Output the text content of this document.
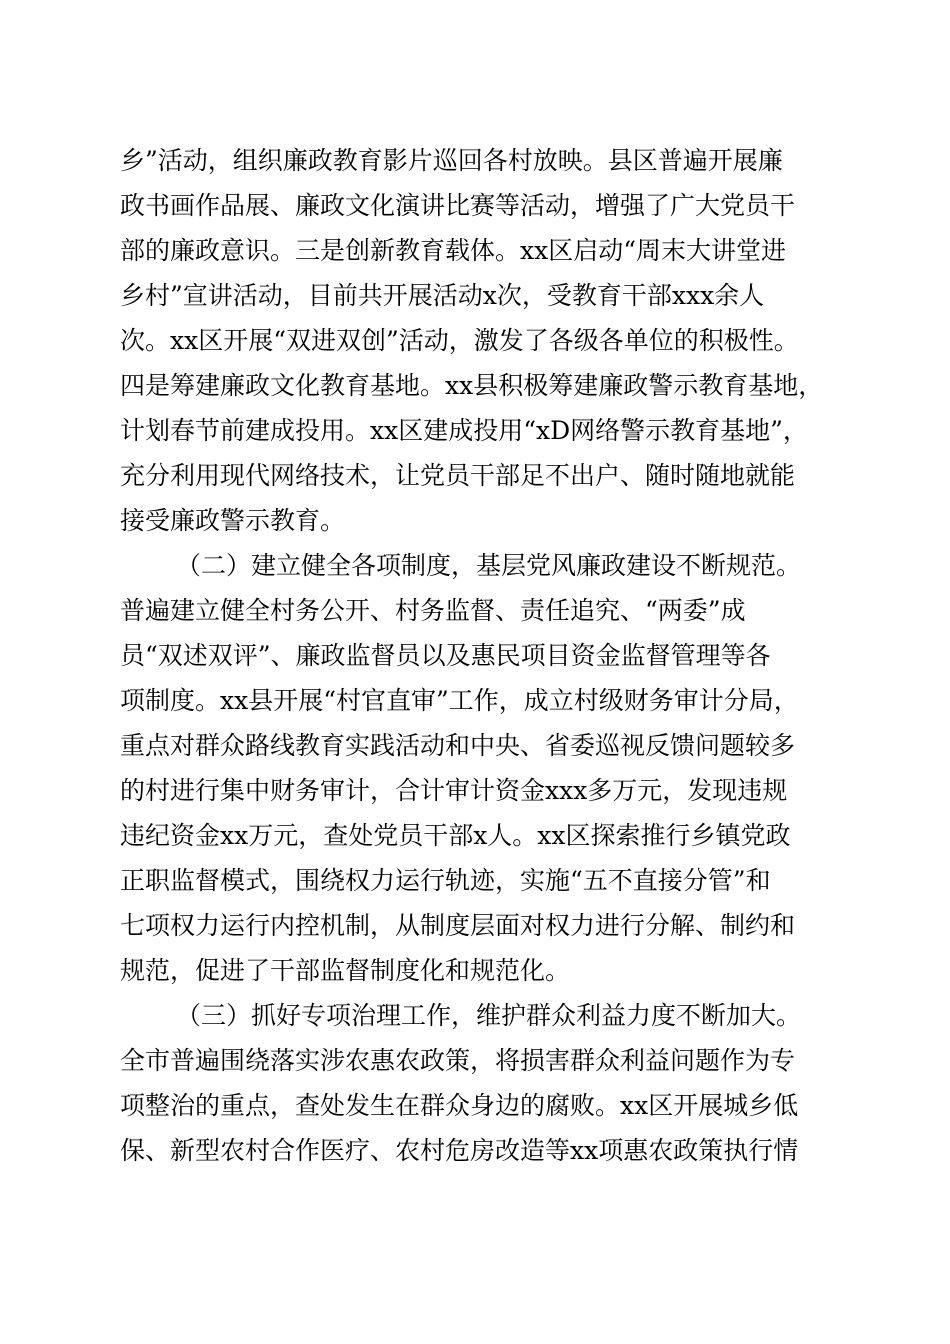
乡”活动，组织廉政教育影片巡回各村放映。县区普遍开展廉
政书画作品展、廉政文化演讲比赛等活动，增强了广大党员干
部的廉政意识。三是创新教育载体。xx区启动“周末大讲堂进
乡村”宣讲活动，目前共开展活动x次，受教育干部xxx余人
次。xx区开展“双进双创”活动，激发了各级各单位的积极性。
四是筹建廉政文化教育基地。xx县积极筹建廉政警示教育基地，
计划春节前建成投用。xx区建成投用“xD网络警示教育基地”，
充分利用现代网络技术，让党员干部足不出户、随时随地就能
接受廉政警示教育。
（二）建立健全各项制度，基层党风廉政建设不断规范。
普遍建立健全村务公开、村务监督、责任追究、“两委”成
员“双述双评”、廉政监督员以及惠民项目资金监督管理等各
项制度。xx县开展“村官直审”工作，成立村级财务审计分局，
重点对群众路线教育实践活动和中央、省委巡视反馈问题较多
的村进行集中财务审计，合计审计资金xxx多万元，发现违规
违纪资金xx万元，查处党员干部x人。xx区探索推行乡镇党政
正职监督模式，围绕权力运行轨迹，实施“五不直接分管”和
七项权力运行内控机制，从制度层面对权力进行分解、制约和
规范，促进了干部监督制度化和规范化。
（三）抓好专项治理工作，维护群众利益力度不断加大。
全市普遍围绕落实涉农惠农政策，将损害群众利益问题作为专
项整治的重点，查处发生在群众身边的腐败。xx区开展城乡低
保、新型农村合作医疗、农村危房改造等xx项惠农政策执行情
